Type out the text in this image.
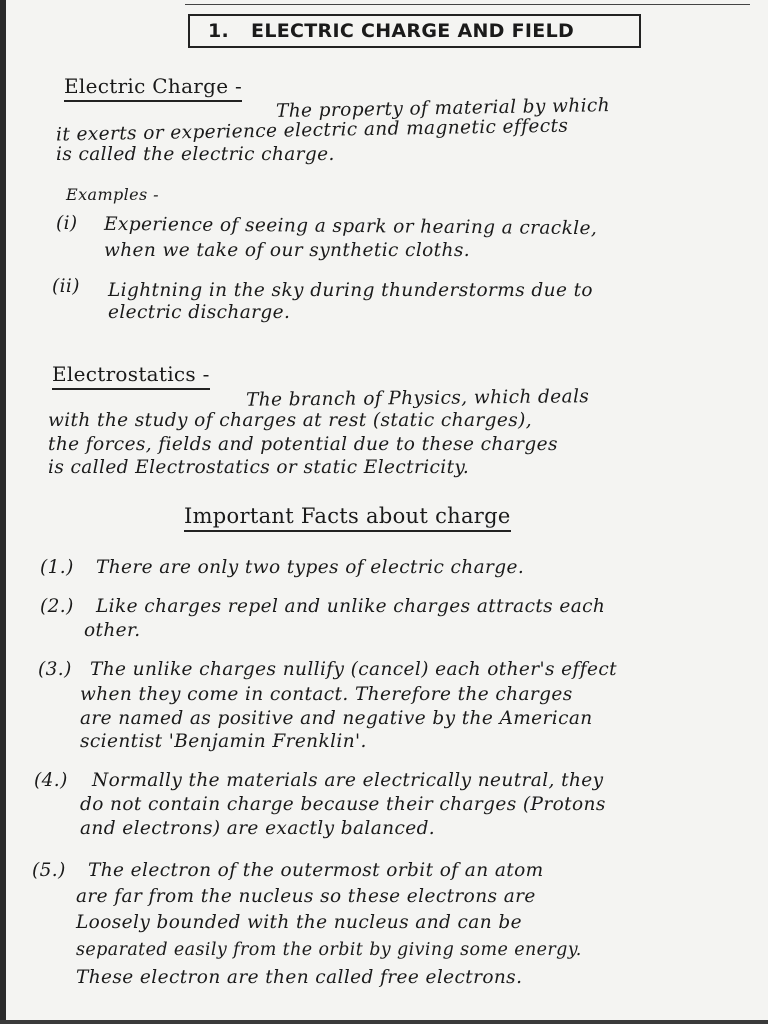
1. ELECTRIC CHARGE AND FIELD
Electric Charge -
The property of material by which
it exerts or experience electric and magnetic effects
is called the electric charge.
Examples -
(i) Experience of seeing a spark or hearing a crackle,
when we take of our synthetic cloths.
(ii) Lightning in the sky during thunderstorms due to
electric discharge.
Electrostatics -
The branch of Physics, which deals
with the study of charges at rest (static charges),
the forces, fields and potential due to these charges
is called Electrostatics or static Electricity.
Important Facts about charge
(1.) There are only two types of electric charge.
(2.) Like charges repel and unlike charges attracts each
other.
(3.) The unlike charges nullify (cancel) each other's effect
when they come in contact. Therefore the charges
are named as positive and negative by the American
scientist 'Benjamin Frenklin'.
(4.) Normally the materials are electrically neutral, they
do not contain charge because their charges (Protons
and electrons) are exactly balanced.
(5.) The electron of the outermost orbit of an atom
are far from the nucleus so these electrons are
Loosely bounded with the nucleus and can be
separated easily from the orbit by giving some energy.
These electron are then called free electrons.
